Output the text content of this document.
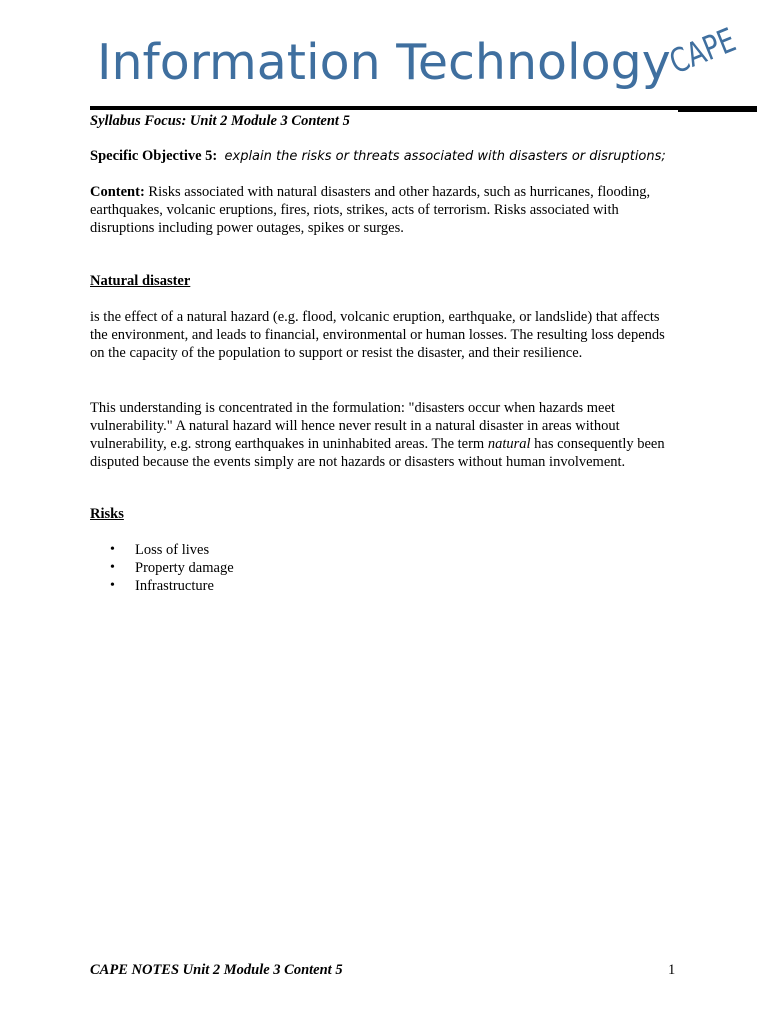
Information Technology
CAPE
Syllabus Focus: Unit 2 Module 3 Content 5
Specific Objective 5: explain the risks or threats associated with disasters or disruptions;
Content: Risks associated with natural disasters and other hazards, such as hurricanes, flooding, earthquakes, volcanic eruptions, fires, riots, strikes, acts of terrorism. Risks associated with disruptions including power outages, spikes or surges.
Natural disaster
is the effect of a natural hazard (e.g. flood, volcanic eruption, earthquake, or landslide) that affects the environment, and leads to financial, environmental or human losses. The resulting loss depends on the capacity of the population to support or resist the disaster, and their resilience.
This understanding is concentrated in the formulation: "disasters occur when hazards meet vulnerability." A natural hazard will hence never result in a natural disaster in areas without vulnerability, e.g. strong earthquakes in uninhabited areas. The term natural has consequently been disputed because the events simply are not hazards or disasters without human involvement.
Risks
• Loss of lives
• Property damage
• Infrastructure
CAPE NOTES Unit 2 Module 3 Content 5	1
